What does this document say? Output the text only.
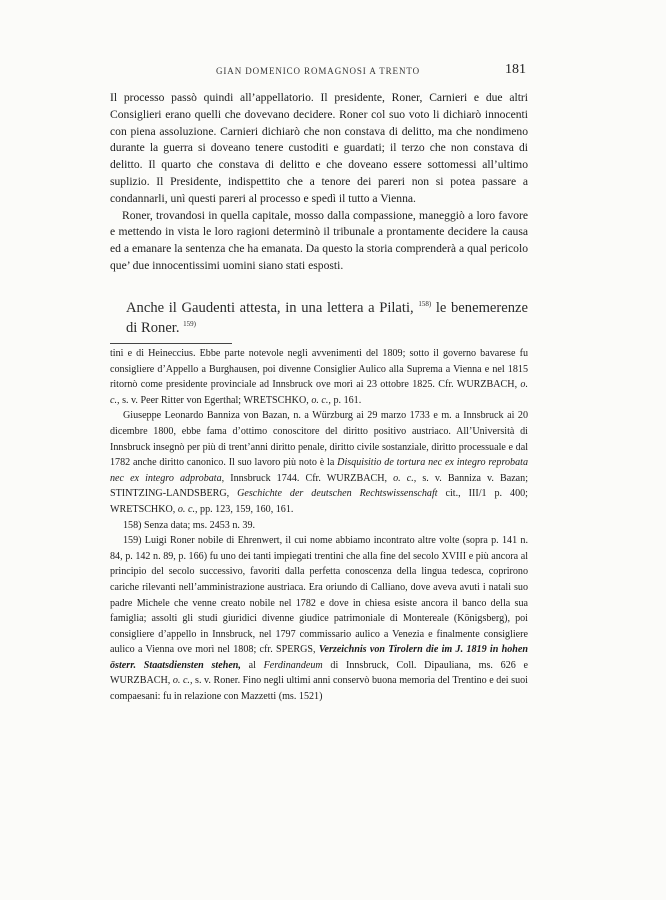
GIAN DOMENICO ROMAGNOSI A TRENTO	181

Il processo passò quindi all’appellatorio. Il presidente, Roner, Carnieri e due altri Consiglieri erano quelli che dovevano decidere. Roner col suo voto li dichiarò innocenti con piena assoluzione. Carnieri dichiarò che non constava di delitto, ma che nondimeno durante la guerra si doveano tenere custoditi e guardati; il terzo che non constava di delitto. Il quarto che constava di delitto e che doveano essere sottomessi all’ultimo suplizio. Il Presidente, indispettito che a tenore dei pareri non si potea passare a condannarli, unì questi pareri al processo e spedì il tutto a Vienna.

Roner, trovandosi in quella capitale, mosso dalla compassione, maneggiò a loro favore e mettendo in vista le loro ragioni determinò il tribunale a prontamente decidere la causa ed a emanare la sentenza che ha emanata. Da questo la storia comprenderà a qual pericolo que’ due innocentissimi uomini siano stati esposti.

Anche il Gaudenti attesta, in una lettera a Pilati, $^{158)}$ le benemerenze di Roner. $^{159)}$

tini e di Heineccius. Ebbe parte notevole negli avvenimenti del 1809; sotto il governo bavarese fu consigliere d’Appello a Burghausen, poi divenne Consiglier Aulico alla Suprema a Vienna e nel 1815 ritornò come presidente provinciale ad Innsbruck ove morì ai 23 ottobre 1825. Cfr. WURZBACH, o. c., s. v. Peer Ritter von Egerthal; WRETSCHKO, o. c., p. 161.

Giuseppe Leonardo Banniza von Bazan, n. a Würzburg ai 29 marzo 1733 e m. a Innsbruck ai 20 dicembre 1800, ebbe fama d’ottimo conoscitore del diritto positivo austriaco. All’Università di Innsbruck insegnò per più di trent’anni diritto penale, diritto civile sostanziale, diritto processuale e dal 1782 anche diritto canonico. Il suo lavoro più noto è la Disquisitio de tortura nec ex integro reprobata nec ex integro adprobata, Innsbruck 1744. Cfr. WURZBACH, o. c., s. v. Banniza v. Bazan; STINTZING-LANDSBERG, Geschichte der deutschen Rechtswissenschaft cit., III/1 p. 400; WRETSCHKO, o. c., pp. 123, 159, 160, 161.

158) Senza data; ms. 2453 n. 39.

159) Luigi Roner nobile di Ehrenwert, il cui nome abbiamo incontrato altre volte (sopra p. 141 n. 84, p. 142 n. 89, p. 166) fu uno dei tanti impiegati trentini che alla fine del secolo XVIII e più ancora al principio del secolo successivo, favoriti dalla perfetta conoscenza della lingua tedesca, coprirono cariche rilevanti nell’amministrazione austriaca. Era oriundo di Calliano, dove aveva avuti i natali suo padre Michele che venne creato nobile nel 1782 e dove in chiesa esiste ancora il banco della sua famiglia; assolti gli studi giuridici divenne giudice patrimoniale di Montereale (Königsberg), poi consigliere d’appello in Innsbruck, nel 1797 commissario aulico a Venezia e finalmente consigliere aulico a Vienna ove morì nel 1808; cfr. SPERGS, Verzeichnis von Tirolern die im J. 1819 in hohen österr. Staatsdiensten stehen, al Ferdinandeum di Innsbruck, Coll. Dipauliana, ms. 626 e WURZBACH, o. c., s. v. Roner. Fino negli ultimi anni conservò buona memoria del Trentino e dei suoi compaesani: fu in relazione con Mazzetti (ms. 1521)
